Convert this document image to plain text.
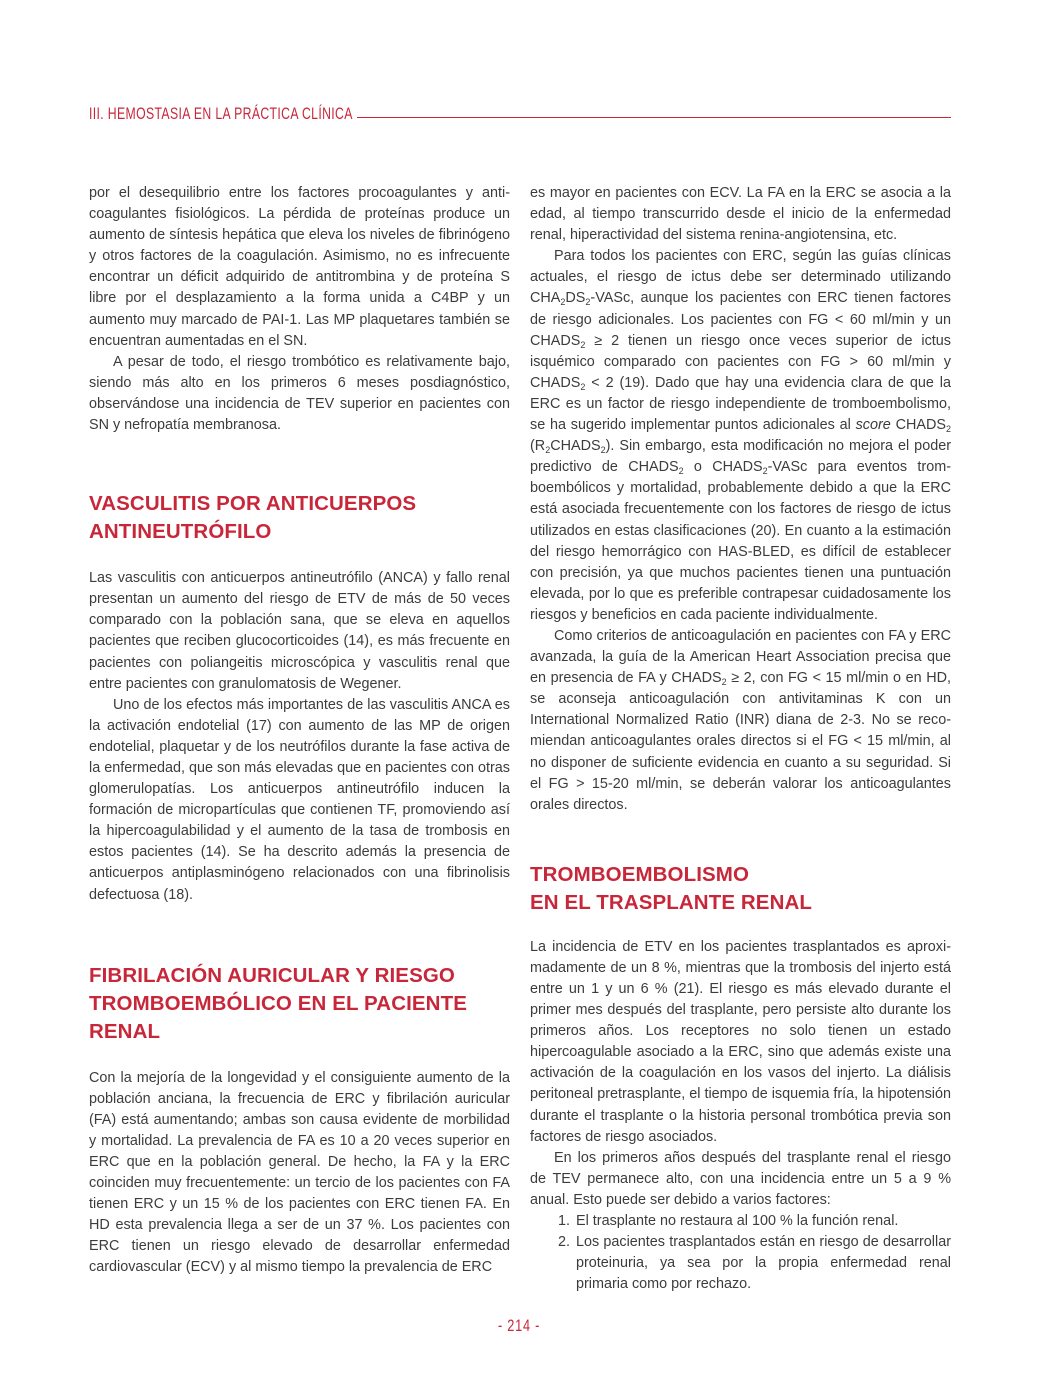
III. HEMOSTASIA EN LA PRÁCTICA CLÍNICA

por el desequilibrio entre los factores procoagulantes y anticoagulantes fisiológicos. La pérdida de proteínas produce un aumento de síntesis hepática que eleva los niveles de fibrinógeno y otros factores de la coagulación. Asimismo, no es infrecuente encontrar un déficit adquirido de antitrombina y de proteína S libre por el desplazamiento a la forma unida a C4BP y un aumento muy marcado de PAI-1. Las MP plaquetares también se encuentran aumentadas en el SN.

A pesar de todo, el riesgo trombótico es relativamente bajo, siendo más alto en los primeros 6 meses posdiagnóstico, observándose una incidencia de TEV superior en pacientes con SN y nefropatía membranosa.

VASCULITIS POR ANTICUERPOS
ANTINEUTRÓFILO

Las vasculitis con anticuerpos antineutrófilo (ANCA) y fallo renal presentan un aumento del riesgo de ETV de más de 50 veces comparado con la población sana, que se eleva en aquellos pacientes que reciben glucocorticoides (14), es más frecuente en pacientes con poliangeitis microscópica y vasculitis renal que entre pacientes con granulomatosis de Wegener.

Uno de los efectos más importantes de las vasculitis ANCA es la activación endotelial (17) con aumento de las MP de origen endotelial, plaquetar y de los neutrófilos durante la fase activa de la enfermedad, que son más elevadas que en pacientes con otras glomerulopatías. Los anticuerpos antineutrófilo inducen la formación de micropartículas que contienen TF, promoviendo así la hipercoagulabilidad y el aumento de la tasa de trombosis en estos pacientes (14). Se ha descrito además la presencia de anticuerpos antiplasminógeno relacionados con una fibrinolisis defectuosa (18).

FIBRILACIÓN AURICULAR Y RIESGO
TROMBOEMBÓLICO EN EL PACIENTE
RENAL

Con la mejoría de la longevidad y el consiguiente aumento de la población anciana, la frecuencia de ERC y fibrilación auricular (FA) está aumentando; ambas son causa evidente de morbilidad y mortalidad. La prevalencia de FA es 10 a 20 veces superior en ERC que en la población general. De hecho, la FA y la ERC coinciden muy frecuentemente: un tercio de los pacientes con FA tienen ERC y un 15 % de los pacientes con ERC tienen FA. En HD esta prevalencia llega a ser de un 37 %. Los pacientes con ERC tienen un riesgo elevado de desarrollar enfermedad cardiovascular (ECV) y al mismo tiempo la prevalencia de ERC

es mayor en pacientes con ECV. La FA en la ERC se asocia a la edad, al tiempo transcurrido desde el inicio de la enfermedad renal, hiperactividad del sistema renina-angiotensina, etc.

Para todos los pacientes con ERC, según las guías clínicas actuales, el riesgo de ictus debe ser determinado utilizando $CHA_2DS_2$-VASc, aunque los pacientes con ERC tienen factores de riesgo adicionales. Los pacientes con FG < 60 ml/min y un $CHADS_2 \ge 2$ tienen un riesgo once veces superior de ictus isquémico comparado con pacientes con FG > 60 ml/min y $CHADS_2 < 2$ (19). Dado que hay una evidencia clara de que la ERC es un factor de riesgo independiente de tromboembolismo, se ha sugerido implementar puntos adicionales al score $CHADS_2$ $(R_2CHADS_2)$. Sin embargo, esta modificación no mejora el poder predictivo de $CHADS_2$ o $CHADS_2$-VASc para eventos tromboembólicos y mortalidad, probablemente debido a que la ERC está asociada frecuentemente con los factores de riesgo de ictus utilizados en estas clasificaciones (20). En cuanto a la estimación del riesgo hemorrágico con HAS-BLED, es difícil de establecer con precisión, ya que muchos pacientes tienen una puntuación elevada, por lo que es preferible contrapesar cuidadosamente los riesgos y beneficios en cada paciente individualmente.

Como criterios de anticoagulación en pacientes con FA y ERC avanzada, la guía de la American Heart Association precisa que en presencia de FA y $CHADS_2 \ge 2$, con FG < 15 ml/min o en HD, se aconseja anticoagulación con antivitaminas K con un International Normalized Ratio (INR) diana de 2-3. No se recomiendan anticoagulantes orales directos si el FG < 15 ml/min, al no disponer de suficiente evidencia en cuanto a su seguridad. Si el FG > 15-20 ml/min, se deberán valorar los anticoagulantes orales directos.

TROMBOEMBOLISMO
EN EL TRASPLANTE RENAL

La incidencia de ETV en los pacientes trasplantados es aproximadamente de un 8 %, mientras que la trombosis del injerto está entre un 1 y un 6 % (21). El riesgo es más elevado durante el primer mes después del trasplante, pero persiste alto durante los primeros años. Los receptores no solo tienen un estado hipercoagulable asociado a la ERC, sino que además existe una activación de la coagulación en los vasos del injerto. La diálisis peritoneal pretrasplante, el tiempo de isquemia fría, la hipotensión durante el trasplante o la historia personal trombótica previa son factores de riesgo asociados.

En los primeros años después del trasplante renal el riesgo de TEV permanece alto, con una incidencia entre un 5 a 9 % anual. Esto puede ser debido a varios factores:

1. El trasplante no restaura al 100 % la función renal.
2. Los pacientes trasplantados están en riesgo de desarrollar proteinuria, ya sea por la propia enfermedad renal primaria como por rechazo.
- 214 -
